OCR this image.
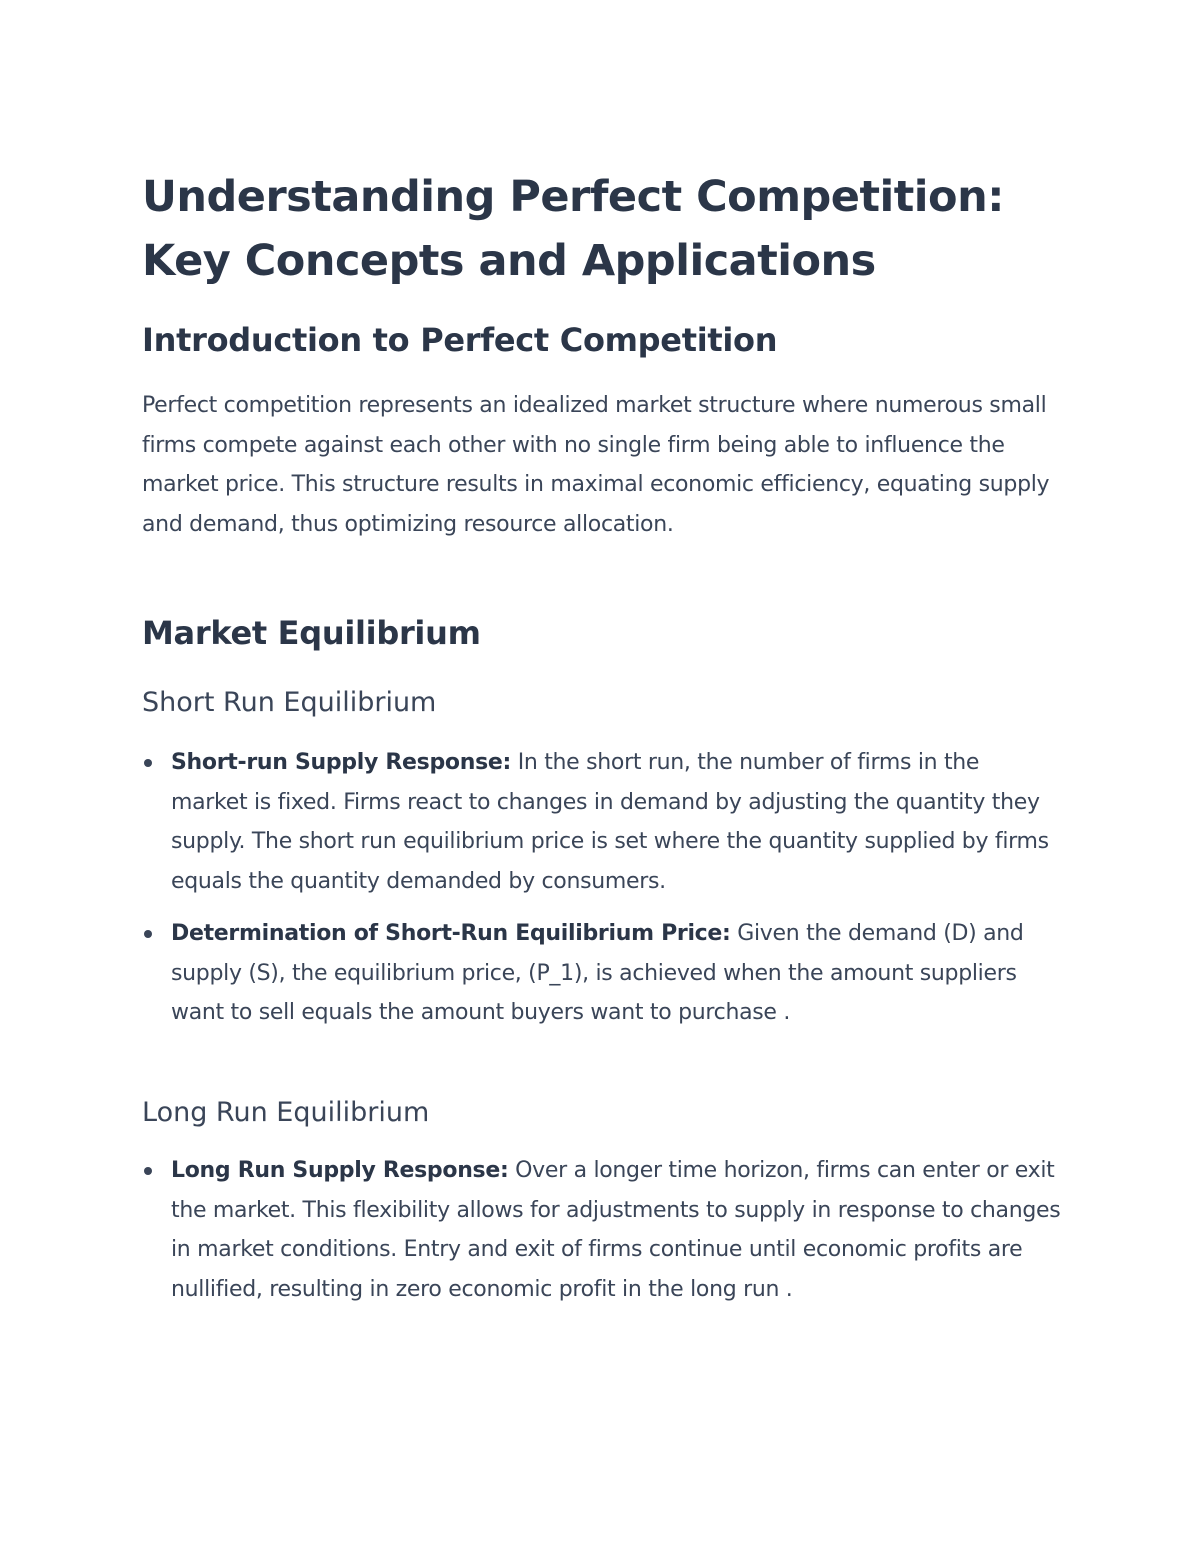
Understanding Perfect Competition:
Key Concepts and Applications
Introduction to Perfect Competition

Perfect competition represents an idealized market structure where numerous small firms compete against each other with no single firm being able to influence the market price. This structure results in maximal economic efficiency, equating supply and demand, thus optimizing resource allocation.

Market Equilibrium
Short Run Equilibrium
Short-run Supply Response: In the short run, the number of firms in the market is fixed. Firms react to changes in demand by adjusting the quantity they supply. The short run equilibrium price is set where the quantity supplied by firms equals the quantity demanded by consumers.
Determination of Short-Run Equilibrium Price: Given the demand (D) and supply (S), the equilibrium price, (P_1), is achieved when the amount suppliers want to sell equals the amount buyers want to purchase .
Long Run Equilibrium
Long Run Supply Response: Over a longer time horizon, firms can enter or exit the market. This flexibility allows for adjustments to supply in response to changes in market conditions. Entry and exit of firms continue until economic profits are nullified, resulting in zero economic profit in the long run .
